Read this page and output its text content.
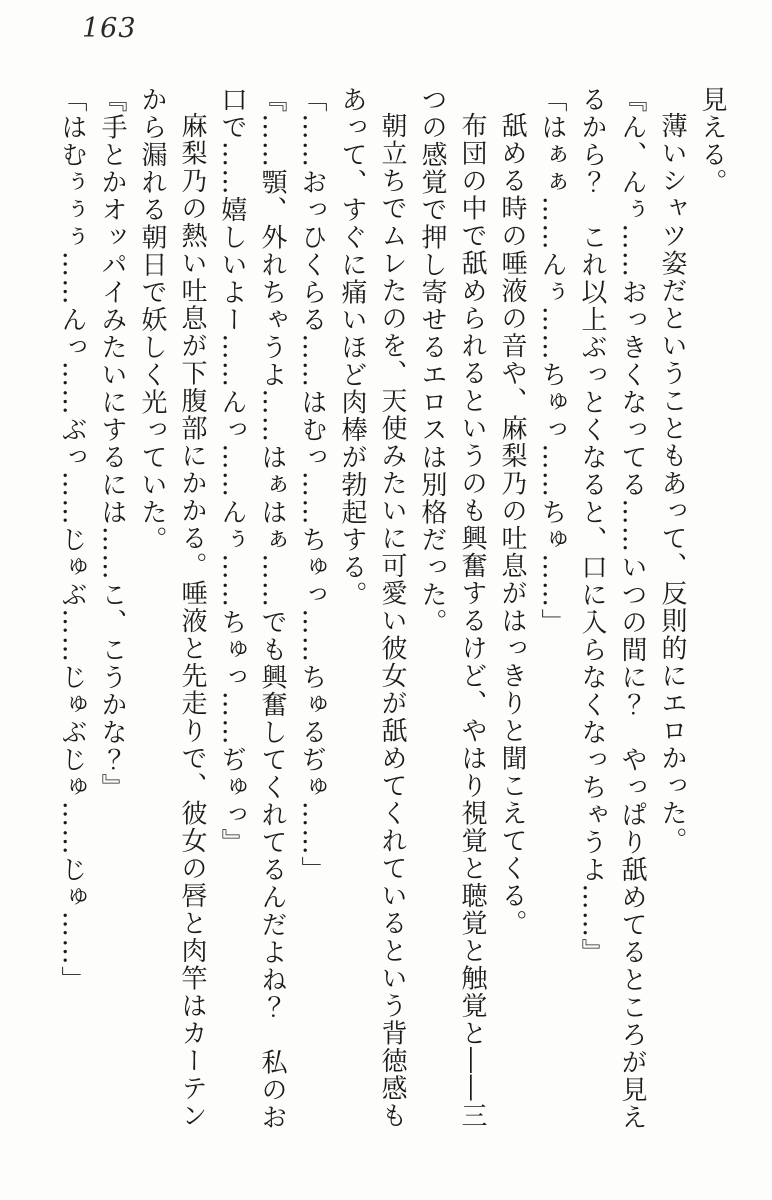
163

見える。

薄いシャツ姿だということもあって、反則的にエロかった。

『ん、んぅ……おっきくなってる……いつの間に？　やっぱり舐めてるところが見えるから？　これ以上ぶっとくなると、口に入らなくなっちゃうよ……』

「はぁぁ……んぅ……ちゅっ……ちゅ……」

舐める時の唾液の音や、麻梨乃の吐息がはっきりと聞こえてくる。

布団の中で舐められるというのも興奮するけど、やはり視覚と聴覚と触覚と――三つの感覚で押し寄せるエロスは別格だった。

朝立ちでムレたのを、天使みたいに可愛い彼女が舐めてくれているという背徳感もあって、すぐに痛いほど肉棒が勃起する。

「……おっひくらる……はむっ……ちゅっ……ちゅるぢゅ……」

『……顎、外れちゃうよ……はぁはぁ……でも興奮してくれてるんだよね？　私のお口で……嬉しいよー……んっ……んぅ……ちゅっ……ぢゅっ』

麻梨乃の熱い吐息が下腹部にかかる。唾液と先走りで、彼女の唇と肉竿はカーテンから漏れる朝日で妖しく光っていた。

『手とかオッパイみたいにするには……こ、こうかな？』

「はむぅぅぅ……んっ……ぶっ……じゅぶ……じゅぶじゅ……じゅ……」
